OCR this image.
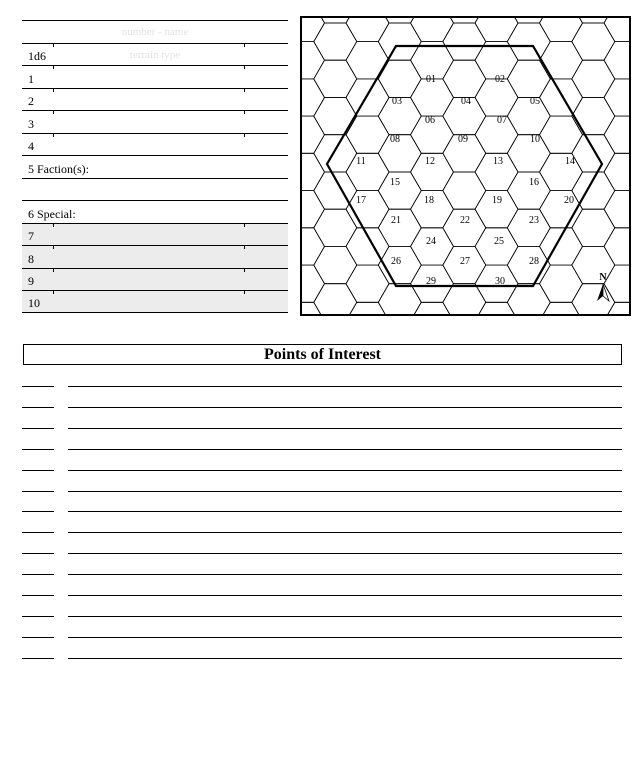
number - name
terrain type
1d6
1
2
3
4
5 Faction(s):
6 Special:
7
8
9
10
01	02
03	04	05
06	07
08	09	10
11	12	13	14
15	16
17	18	19	20
21	22	23
24	25
26	27	28
29	30	N
Points of Interest
